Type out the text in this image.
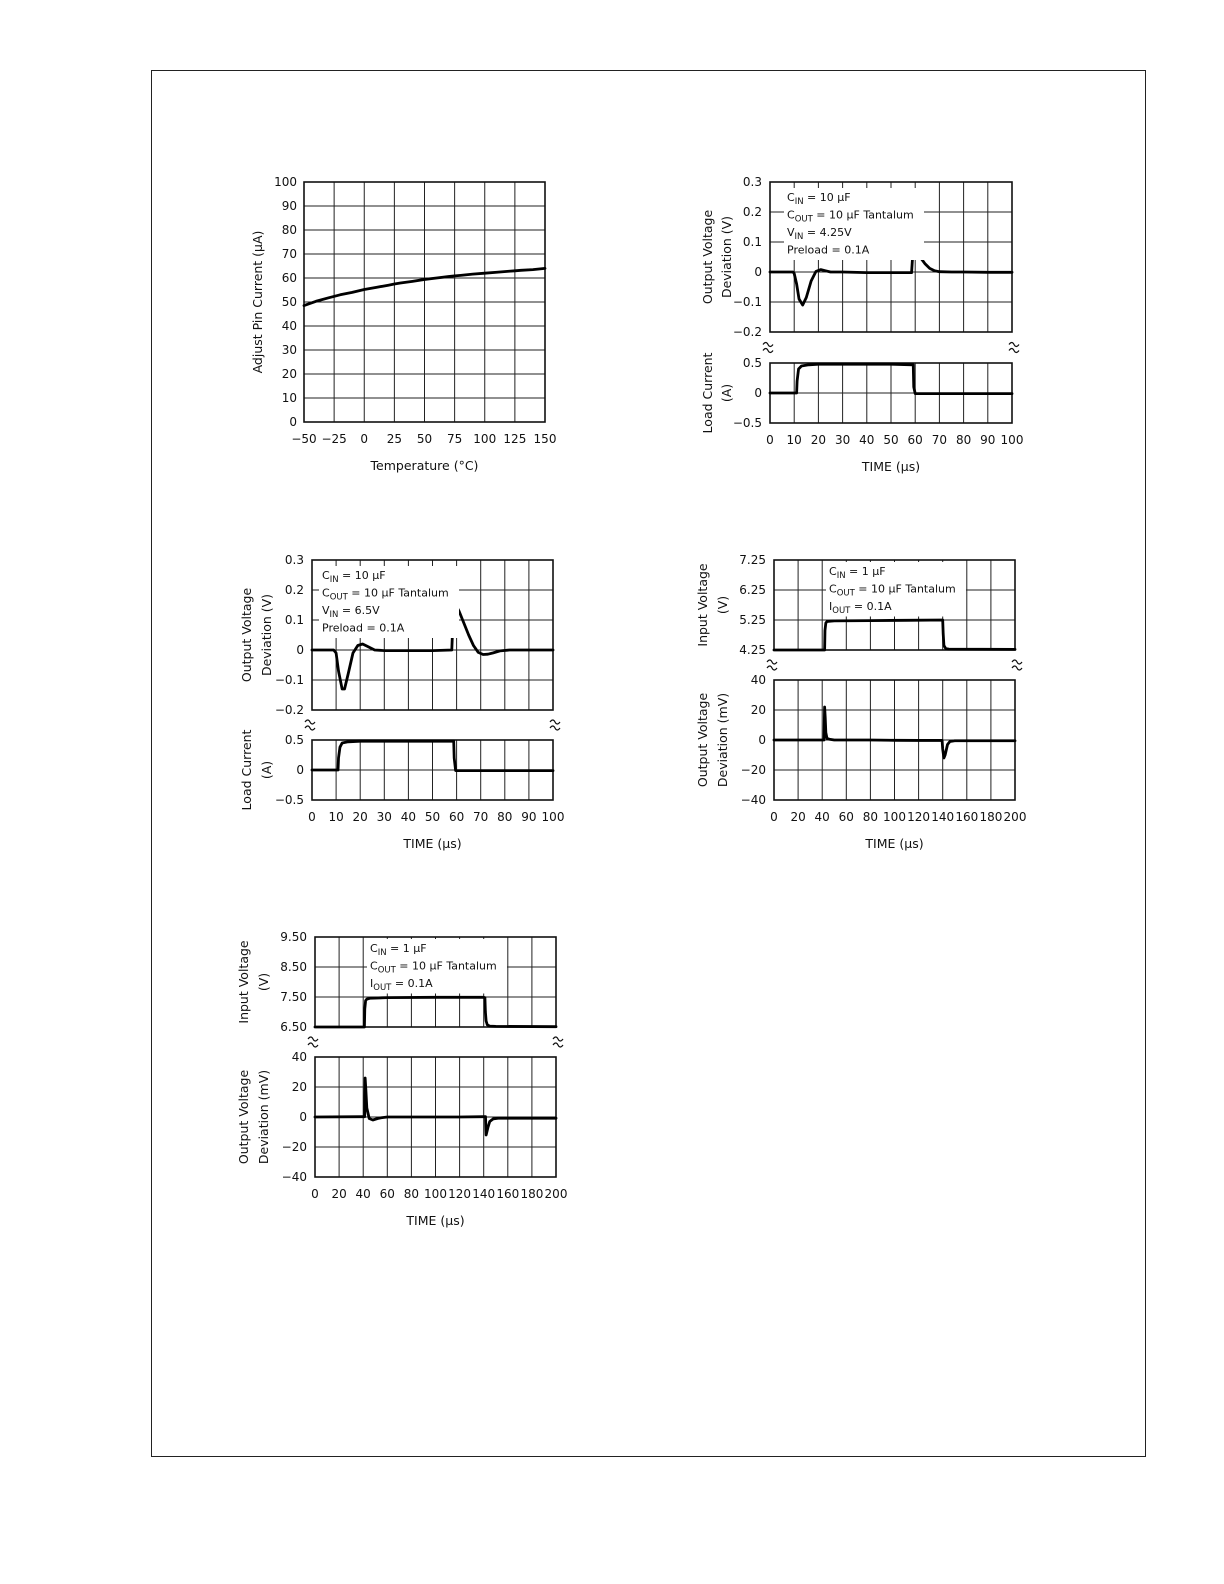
−50 −25 0 25 50 75 100 125 150
0
10
20
30
40
50
60
70
80
90
100
Adjust Pin Current (μA)
Temperature (°C)
−0.2
−0.1
0
0.1
0.2
0.3
−0.5
0
0.5
0 10 20 30 40 50 60 70 80 90 100
TIME (μs)
Output Voltage Deviation (V)
Load Current (A)
$C_{IN} = 10$ μF
$C_{OUT} = 10$ μF Tantalum
$V_{IN} = 4.25V$
Preload = 0.1A
−0.2
−0.1
0
0.1
0.2
0.3
−0.5
0
0.5
0 10 20 30 40 50 60 70 80 90 100
TIME (μs)
Output Voltage Deviation (V)
Load Current (A)
$C_{IN} = 10$ μF
$C_{OUT} = 10$ μF Tantalum
$V_{IN} = 6.5V$
Preload = 0.1A
4.25
5.25
6.25
7.25
−40
−20
0
20
40
0 20 40 60 80 100 120 140 160 180 200
TIME (μs)
Input Voltage (V)
Output Voltage Deviation (mV)
$C_{IN} = 1$ μF
$C_{OUT} = 10$ μF Tantalum
$I_{OUT} = 0.1A$
6.50
7.50
8.50
9.50
−40
−20
0
20
40
0 20 40 60 80 100 120 140 160 180 200
TIME (μs)
Input Voltage (V)
Output Voltage Deviation (mV)
$C_{IN} = 1$ μF
$C_{OUT} = 10$ μF Tantalum
$I_{OUT} = 0.1A$
